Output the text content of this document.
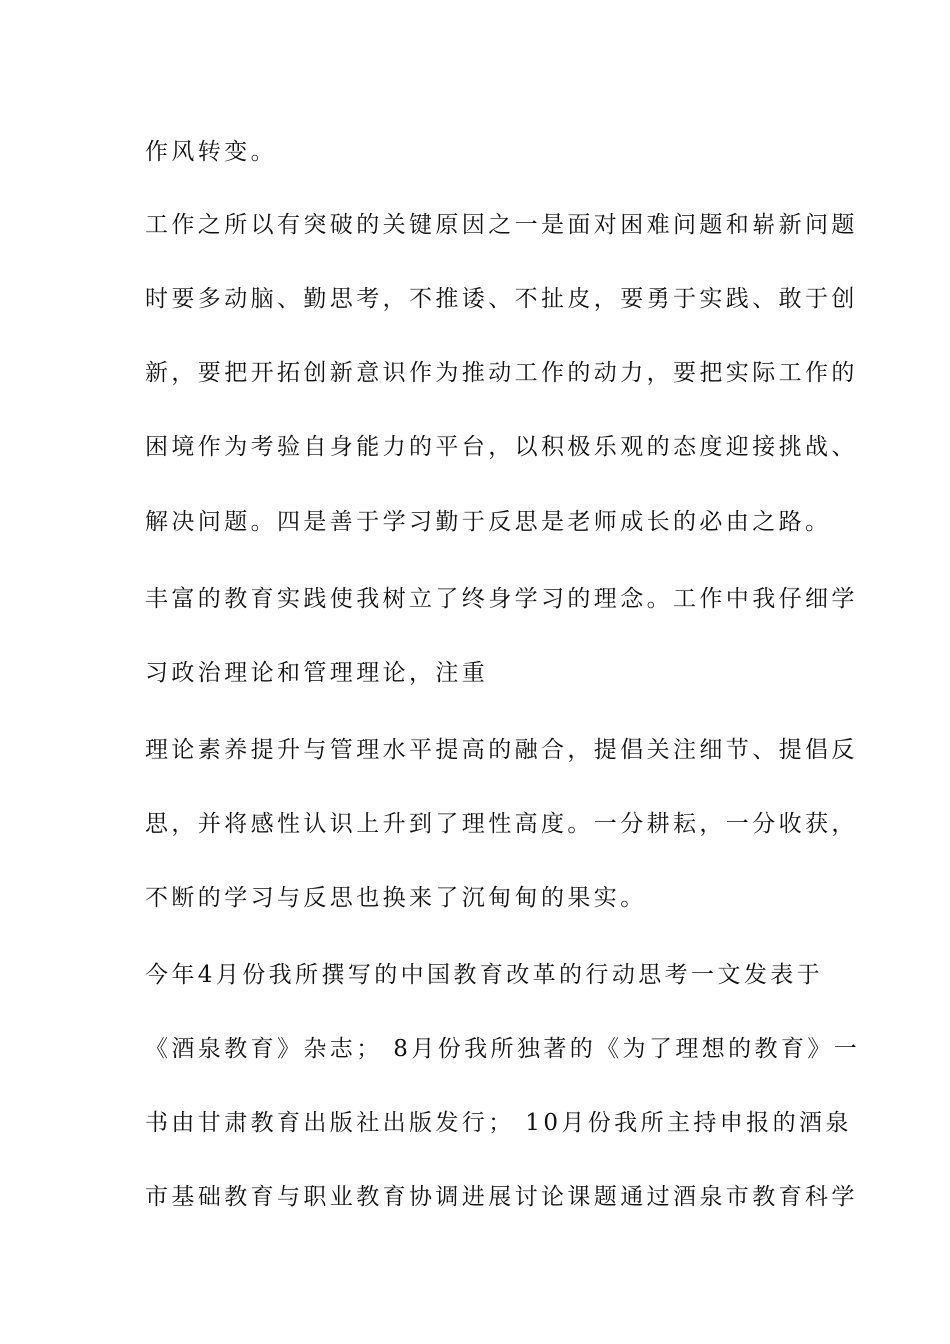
作风转变。
工作之所以有突破的关键原因之一是面对困难问题和崭新问题
时要多动脑、勤思考，不推诿、不扯皮，要勇于实践、敢于创
新，要把开拓创新意识作为推动工作的动力，要把实际工作的
困境作为考验自身能力的平台，以积极乐观的态度迎接挑战、
解决问题。四是善于学习勤于反思是老师成长的必由之路。
丰富的教育实践使我树立了终身学习的理念。工作中我仔细学
习政治理论和管理理论，注重
理论素养提升与管理水平提高的融合，提倡关注细节、提倡反
思，并将感性认识上升到了理性高度。一分耕耘，一分收获，
不断的学习与反思也换来了沉甸甸的果实。
今年4月份我所撰写的中国教育改革的行动思考一文发表于
《酒泉教育》杂志； 8月份我所独著的《为了理想的教育》一
书由甘肃教育出版社出版发行； 10月份我所主持申报的酒泉
市基础教育与职业教育协调进展讨论课题通过酒泉市教育科学
